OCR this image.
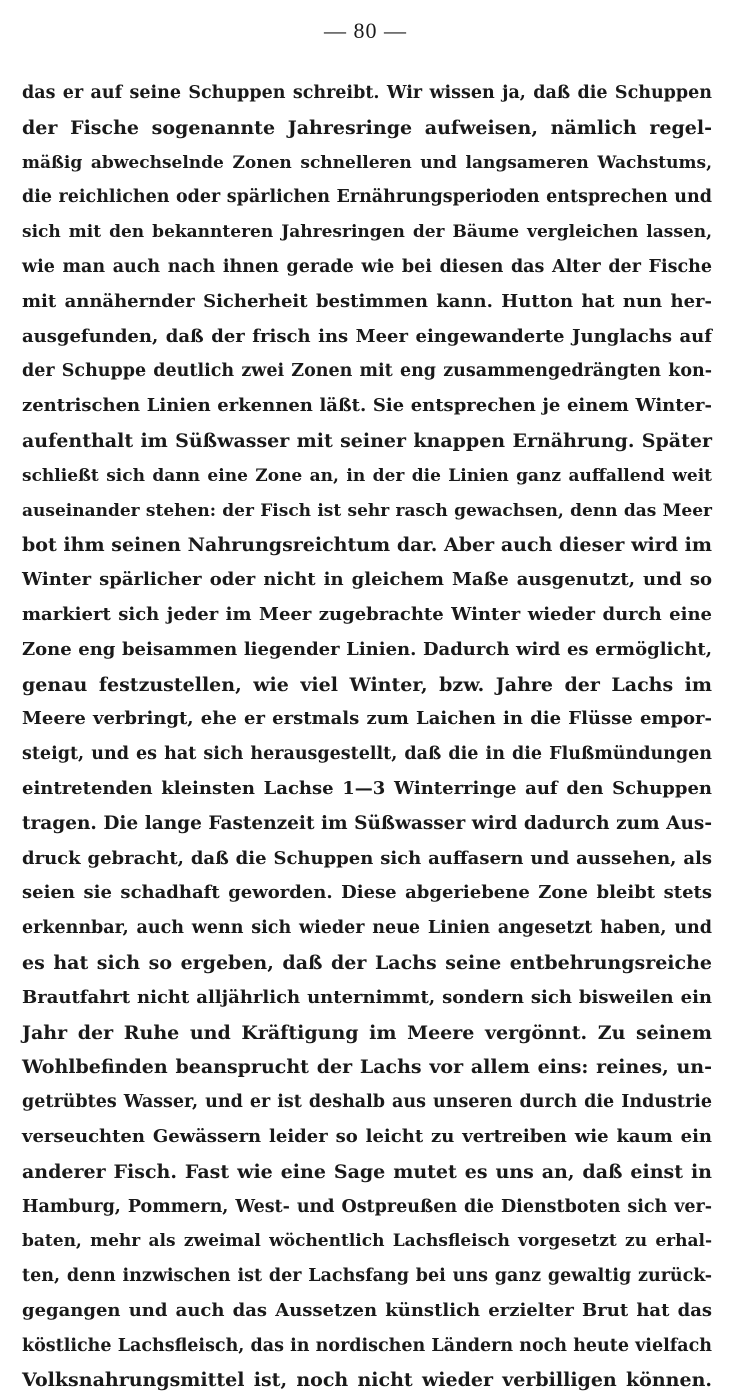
— 80 —
das er auf seine Schuppen schreibt. Wir wissen ja, daß die Schuppen
der Fische sogenannte Jahresringe aufweisen, nämlich regel-
mäßig abwechselnde Zonen schnelleren und langsameren Wachstums,
die reichlichen oder spärlichen Ernährungsperioden entsprechen und
sich mit den bekannteren Jahresringen der Bäume vergleichen lassen,
wie man auch nach ihnen gerade wie bei diesen das Alter der Fische
mit annähernder Sicherheit bestimmen kann. Hutton hat nun her-
ausgefunden, daß der frisch ins Meer eingewanderte Junglachs auf
der Schuppe deutlich zwei Zonen mit eng zusammengedrängten kon-
zentrischen Linien erkennen läßt. Sie entsprechen je einem Winter-
aufenthalt im Süßwasser mit seiner knappen Ernährung. Später
schließt sich dann eine Zone an, in der die Linien ganz auffallend weit
auseinander stehen: der Fisch ist sehr rasch gewachsen, denn das Meer
bot ihm seinen Nahrungsreichtum dar. Aber auch dieser wird im
Winter spärlicher oder nicht in gleichem Maße ausgenutzt, und so
markiert sich jeder im Meer zugebrachte Winter wieder durch eine
Zone eng beisammen liegender Linien. Dadurch wird es ermöglicht,
genau festzustellen, wie viel Winter, bzw. Jahre der Lachs im
Meere verbringt, ehe er erstmals zum Laichen in die Flüsse empor-
steigt, und es hat sich herausgestellt, daß die in die Flußmündungen
eintretenden kleinsten Lachse 1—3 Winterringe auf den Schuppen
tragen. Die lange Fastenzeit im Süßwasser wird dadurch zum Aus-
druck gebracht, daß die Schuppen sich auffasern und aussehen, als
seien sie schadhaft geworden. Diese abgeriebene Zone bleibt stets
erkennbar, auch wenn sich wieder neue Linien angesetzt haben, und
es hat sich so ergeben, daß der Lachs seine entbehrungsreiche
Brautfahrt nicht alljährlich unternimmt, sondern sich bisweilen ein
Jahr der Ruhe und Kräftigung im Meere vergönnt. Zu seinem
Wohlbefinden beansprucht der Lachs vor allem eins: reines, un-
getrübtes Wasser, und er ist deshalb aus unseren durch die Industrie
verseuchten Gewässern leider so leicht zu vertreiben wie kaum ein
anderer Fisch. Fast wie eine Sage mutet es uns an, daß einst in
Hamburg, Pommern, West- und Ostpreußen die Dienstboten sich ver-
baten, mehr als zweimal wöchentlich Lachsfleisch vorgesetzt zu erhal-
ten, denn inzwischen ist der Lachsfang bei uns ganz gewaltig zurück-
gegangen und auch das Aussetzen künstlich erzielter Brut hat das
köstliche Lachsfleisch, das in nordischen Ländern noch heute vielfach
Volksnahrungsmittel ist, noch nicht wieder verbilligen können.
